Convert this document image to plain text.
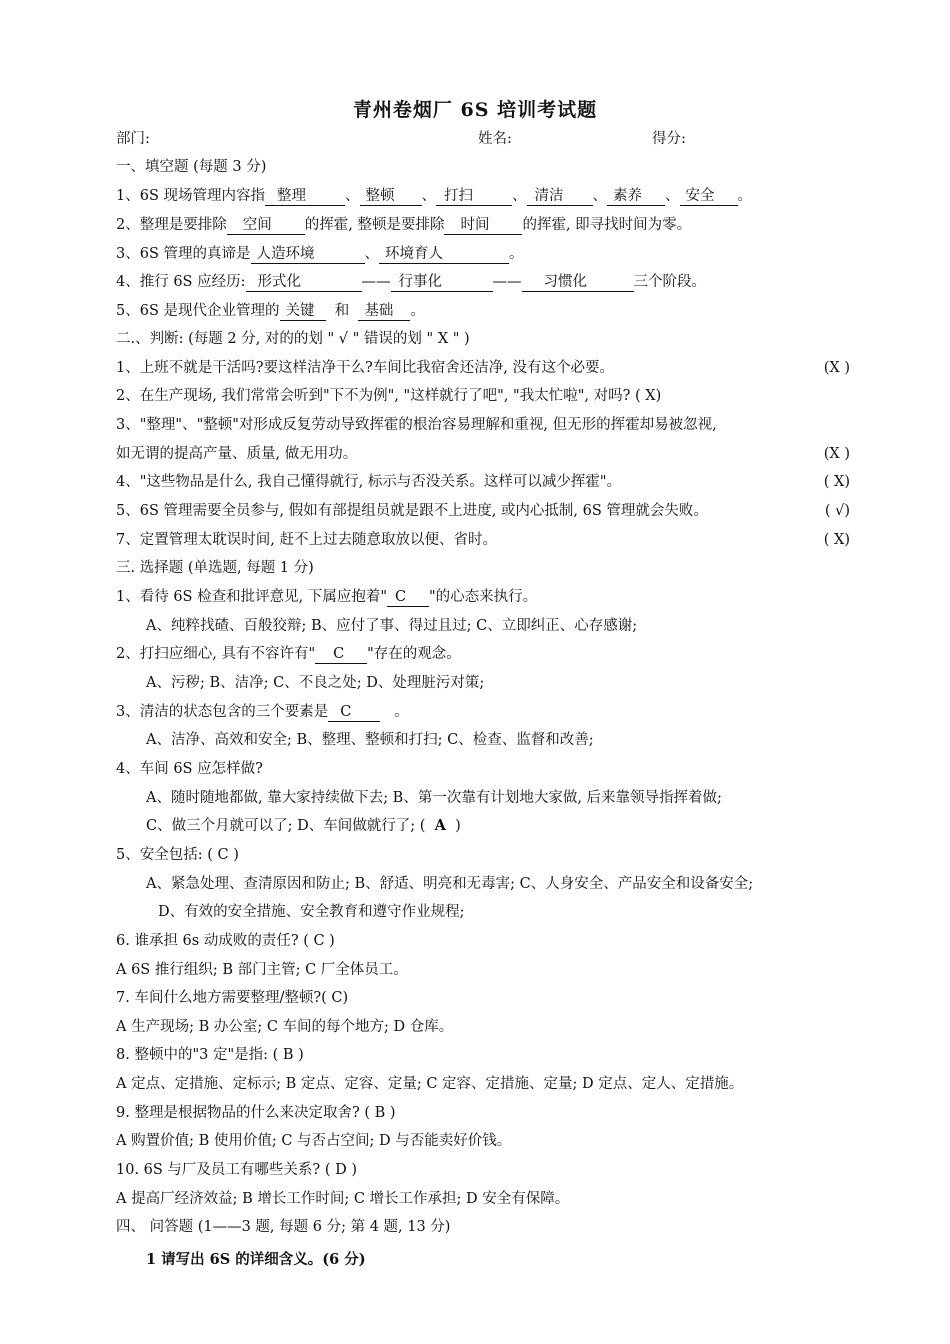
青州卷烟厂 6S 培训考试题
部门:	姓名:	得分:
一、填空题 (每题 3 分)
1、6S 现场管理内容指 整理	、 整顿 、 打扫	、 清洁 、 素养 、 安全 。
2、整理是要排除 空间 的挥霍, 整顿是要排除 时间 的挥霍, 即寻找时间为零。
3、6S 管理的真谛是 人造环境	、 环境育人	。
4、推行 6S 应经历: 形式化	—— 行事化	—— 习惯化	三个阶段。
5、6S 是现代企业管理的 关键 和 基础 。
二.、判断: (每题 2 分, 对的的划 " √ " 错误的划 " X " )
1、上班不就是干活吗?要这样洁净干么?车间比我宿舍还洁净, 没有这个必要。	(X )
2、在生产现场, 我们常常会听到"下不为例", "这样就行了吧", "我太忙啦", 对吗? ( X)
3、"整理"、"整顿"对形成反复劳动导致挥霍的根治容易理解和重视, 但无形的挥霍却易被忽视,
如无谓的提高产量、质量, 做无用功。	(X )
4、"这些物品是什么, 我自己懂得就行, 标示与否没关系。这样可以减少挥霍"。	( X)
5、6S 管理需要全员参与, 假如有部提组员就是跟不上进度, 或内心抵制, 6S 管理就会失败。	( √)
7、定置管理太耽误时间, 赶不上过去随意取放以便、省时。	( X)
三. 选择题 (单选题, 每题 1 分)
1、看待 6S 检查和批评意见, 下属应抱着" C "的心态来执行。
A、纯粹找碴、百般狡辩; B、应付了事、得过且过; C、立即纠正、心存感谢;
2、打扫应细心, 具有不容许有" C "存在的观念。
A、污秽; B、洁净; C、不良之处; D、处理脏污对策;
3、清洁的状态包含的三个要素是 C	。
A、洁净、高效和安全; B、整理、整顿和打扫; C、检查、监督和改善;
4、车间 6S 应怎样做?
A、随时随地都做, 靠大家持续做下去; B、第一次靠有计划地大家做, 后来靠领导指挥着做;
C、做三个月就可以了; D、车间做就行了; ( A )
5、安全包括: ( C )
A、紧急处理、查清原因和防止; B、舒适、明亮和无毒害; C、人身安全、产品安全和设备安全;
D、有效的安全措施、安全教育和遵守作业规程;
6. 谁承担 6s 动成败的责任? ( C )
A 6S 推行组织; B 部门主管; C 厂全体员工。
7. 车间什么地方需要整理/整顿?( C)
A 生产现场; B 办公室; C 车间的每个地方; D 仓库。
8. 整顿中的"3 定"是指: ( B )
A 定点、定措施、定标示; B 定点、定容、定量; C 定容、定措施、定量; D 定点、定人、定措施。
9. 整理是根据物品的什么来决定取舍? ( B )
A 购置价值; B 使用价值; C 与否占空间; D 与否能卖好价钱。
10. 6S 与厂及员工有哪些关系? ( D )
A 提高厂经济效益; B 增长工作时间; C 增长工作承担; D 安全有保障。
四、 问答题 (1——3 题, 每题 6 分; 第 4 题, 13 分)
1 请写出 6S 的详细含义。(6 分)
